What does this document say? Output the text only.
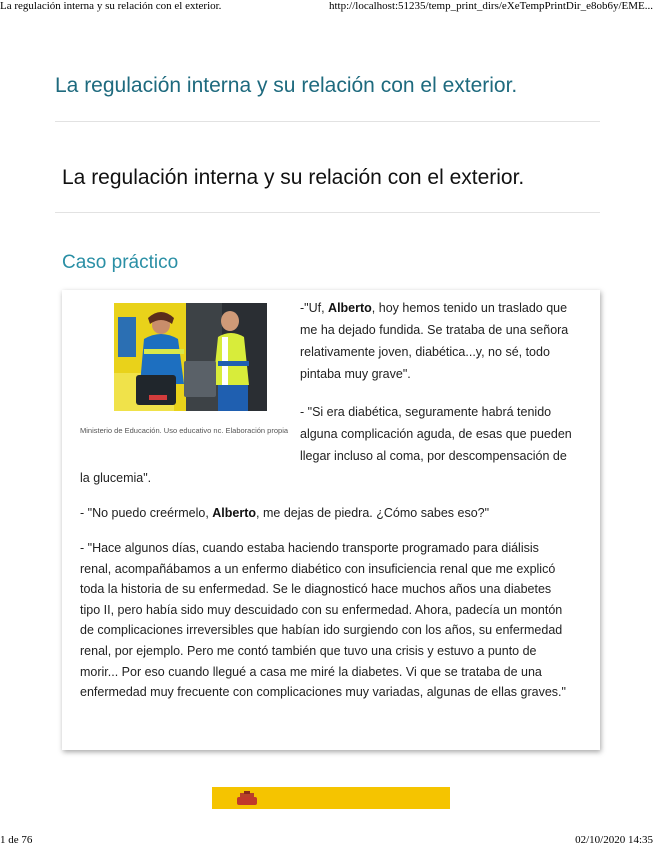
La regulación interna y su relación con el exterior.	http://localhost:51235/temp_print_dirs/eXeTempPrintDir_e8ob6y/EME...
La regulación interna y su relación con el exterior.
La regulación interna y su relación con el exterior.
Caso práctico
Ministerio de Educación. Uso educativo nc. Elaboración propia
-"Uf, Alberto, hoy hemos tenido un traslado que
me ha dejado fundida. Se trataba de una señora
relativamente joven, diabética...y, no sé, todo
pintaba muy grave".
- "Si era diabética, seguramente habrá tenido
alguna complicación aguda, de esas que pueden
llegar incluso al coma, por descompensación de
la glucemia".
- "No puedo creérmelo, Alberto, me dejas de piedra. ¿Cómo sabes eso?"
- "Hace algunos días, cuando estaba haciendo transporte programado para diálisis
renal, acompañábamos a un enfermo diabético con insuficiencia renal que me explicó
toda la historia de su enfermedad. Se le diagnosticó hace muchos años una diabetes
tipo II, pero había sido muy descuidado con su enfermedad. Ahora, padecía un montón
de complicaciones irreversibles que habían ido surgiendo con los años, su enfermedad
renal, por ejemplo. Pero me contó también que tuvo una crisis y estuvo a punto de
morir... Por eso cuando llegué a casa me miré la diabetes. Vi que se trataba de una
enfermedad muy frecuente con complicaciones muy variadas, algunas de ellas graves."
1 de 76	02/10/2020 14:35
